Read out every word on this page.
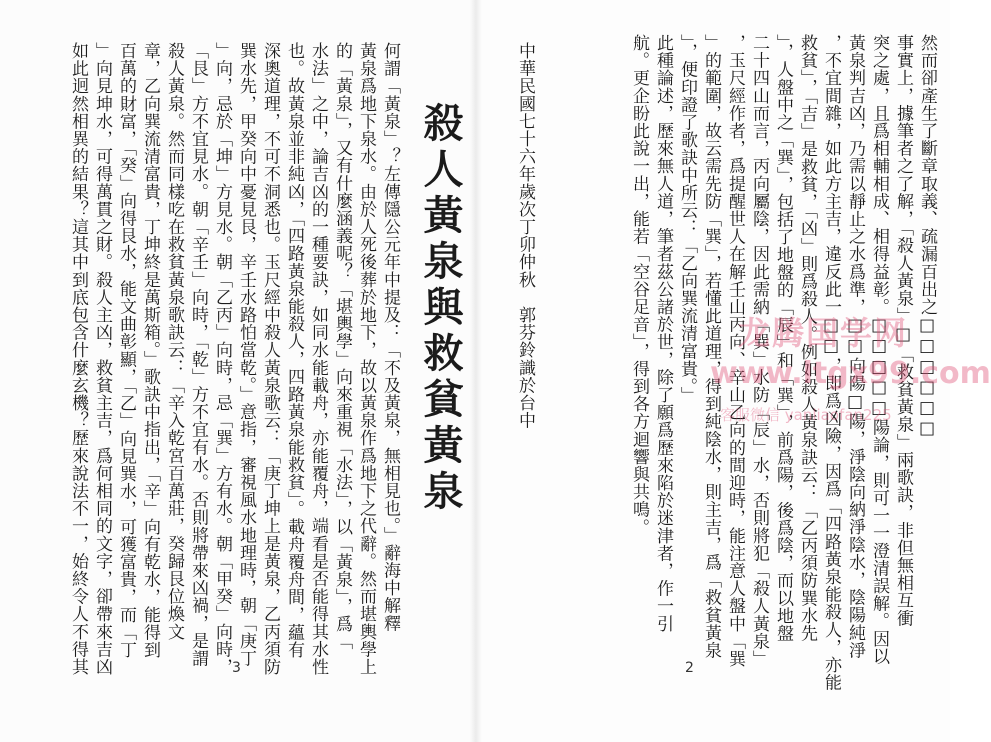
殺人黃泉與救貧黃泉
何謂「黃泉」？左傳隱公元年中提及：「不及黃泉，無相見也。」辭海中解釋
黃泉爲地下泉水。由於人死後葬於地下，故以黃泉作爲地下之代辭。然而堪輿學上
的「黃泉」，又有什麼涵義呢？「堪輿學」向來重視「水法」，以「黃泉」，爲「
水法」之中，論吉凶的一種要訣，如同水能載舟，亦能覆舟，端看是否能得其水性
也。故黃泉並非純凶，「四路黃泉能殺人，四路黃泉能救貧」。載舟覆舟間，蘊有
深奧道理，不可不洞悉也。玉尺經中殺人黃泉歌云：「庚丁坤上是黃泉，乙丙須防
巽水先，甲癸向中憂見艮，辛壬水路怕當乾。」意指，審視風水地理時，朝「庚丁
」向，忌於「坤」方見水。朝「乙丙」向時，忌「巽」方有水。朝「甲癸」向時，
「艮」方不宜見水。朝「辛壬」向時，「乾」方不宜有水。否則將帶來凶禍，是謂
殺人黃泉。然而同樣吃在救貧黃泉歌訣云：「辛入乾宮百萬莊，癸歸艮位煥文
章，乙向巽流清富貴，丁坤終是萬斯箱。」歌訣中指出，「辛」向有乾水，能得到
百萬的財富，「癸」向得艮水，能文曲彰顯，「乙」向見巽水，可獲富貴，而「丁
」向見坤水，可得萬貫之財。殺人主凶，救貧主吉，爲何相同的文字，卻帶來吉凶
如此迥然相異的結果？這其中到底包含什麼玄機？歷來說法不一，始終令人不得其	3
然而卻產生了斷章取義、疏漏百出之□□□□□□
事實上，據筆者之了解，「殺人黃泉」□「救貧黃泉」兩歌訣，非但無相互衝
突之處，且爲相輔相成、相得益彰。□□□□□陽論，則可一一澄清誤解。因以
黃泉判吉凶，乃需以靜止之水爲準，□□向陽□陽，淨陰向納淨陰水，陰陽純淨
，不宜間雜，如此方主吉，違反此一□□，即爲凶險，因爲「四路黃泉能殺人，亦能
救貧」，「吉」是救貧，「凶」則爲殺人。例如殺人黃泉訣云：「乙丙須防巽水先
」，人盤中之「巽」，包括了地盤的「辰」和「巽」，前爲陽，後爲陰，而以地盤
二十四山而言，丙向屬陰，因此需納「巽」水防「辰」水，否則將犯「殺人黃泉」
，玉尺經作者，爲提醒世人在解壬山丙向、辛山乙向的間迎時，能注意人盤中「巽
」的範圍，故云需先防「巽」，若懂此道理，得到純陰水，則主吉，爲「救貧黃泉
」，便印證了歌訣中所云：「乙向巽流清富貴。」
此種論述，歷來無人道，筆者茲公諸於世，除了願爲歷來陷於迷津者，作一引
航。更企盼此說一出，能若「空谷足音」，得到各方迴響與共鳴。
中華民國七十六年歲次丁卯仲秋　郭芬鈴識於台中
2
龙腾国学网
www.ltgx99.com
客服微信 yanliaofan225
